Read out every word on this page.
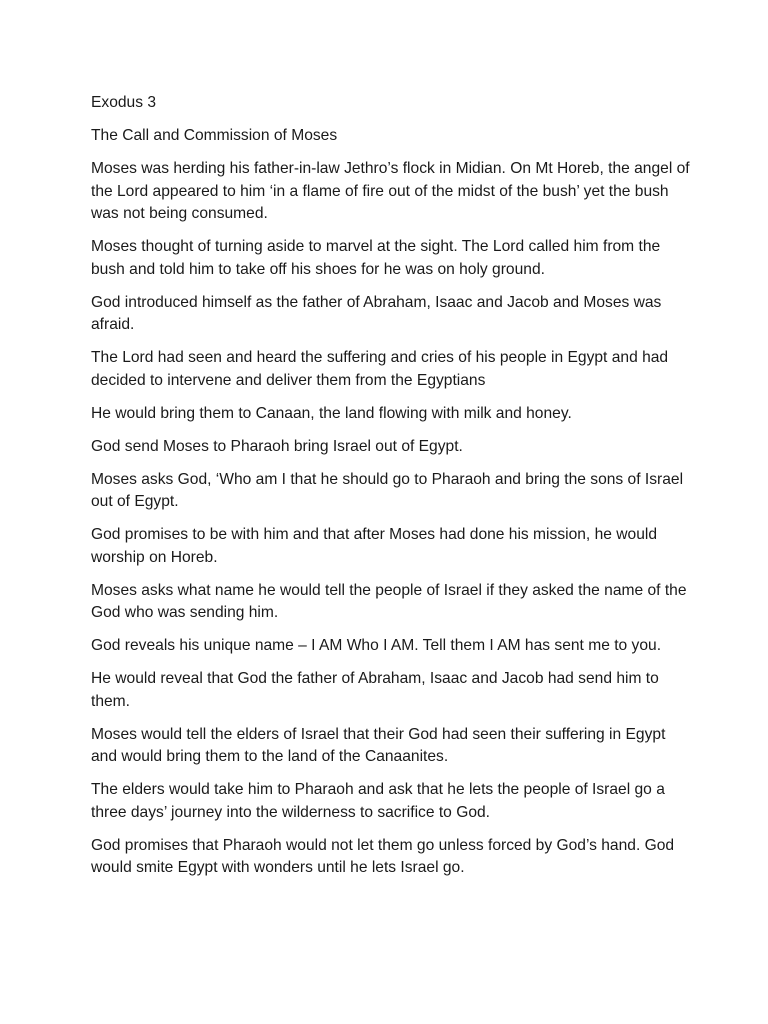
Exodus 3

The Call and Commission of Moses

Moses was herding his father-in-law Jethro’s flock in Midian. On Mt Horeb, the angel of the Lord appeared to him ‘in a flame of fire out of the midst of the bush’ yet the bush was not being consumed.

Moses thought of turning aside to marvel at the sight. The Lord called him from the bush and told him to take off his shoes for he was on holy ground.

God introduced himself as the father of Abraham, Isaac and Jacob and Moses was afraid.

The Lord had seen and heard the suffering and cries of his people in Egypt and had decided to intervene and deliver them from the Egyptians

He would bring them to Canaan, the land flowing with milk and honey.

God send Moses to Pharaoh bring Israel out of Egypt.

Moses asks God, ‘Who am I that he should go to Pharaoh and bring the sons of Israel out of Egypt.

God promises to be with him and that after Moses had done his mission, he would worship on Horeb.

Moses asks what name he would tell the people of Israel if they asked the name of the God who was sending him.

God reveals his unique name – I AM Who I AM. Tell them I AM has sent me to you.

He would reveal that God the father of Abraham, Isaac and Jacob had send him to them.

Moses would tell the elders of Israel that their God had seen their suffering in Egypt and would bring them to the land of the Canaanites.

The elders would take him to Pharaoh and ask that he lets the people of Israel go a three days’ journey into the wilderness to sacrifice to God.

God promises that Pharaoh would not let them go unless forced by God’s hand. God would smite Egypt with wonders until he lets Israel go.
